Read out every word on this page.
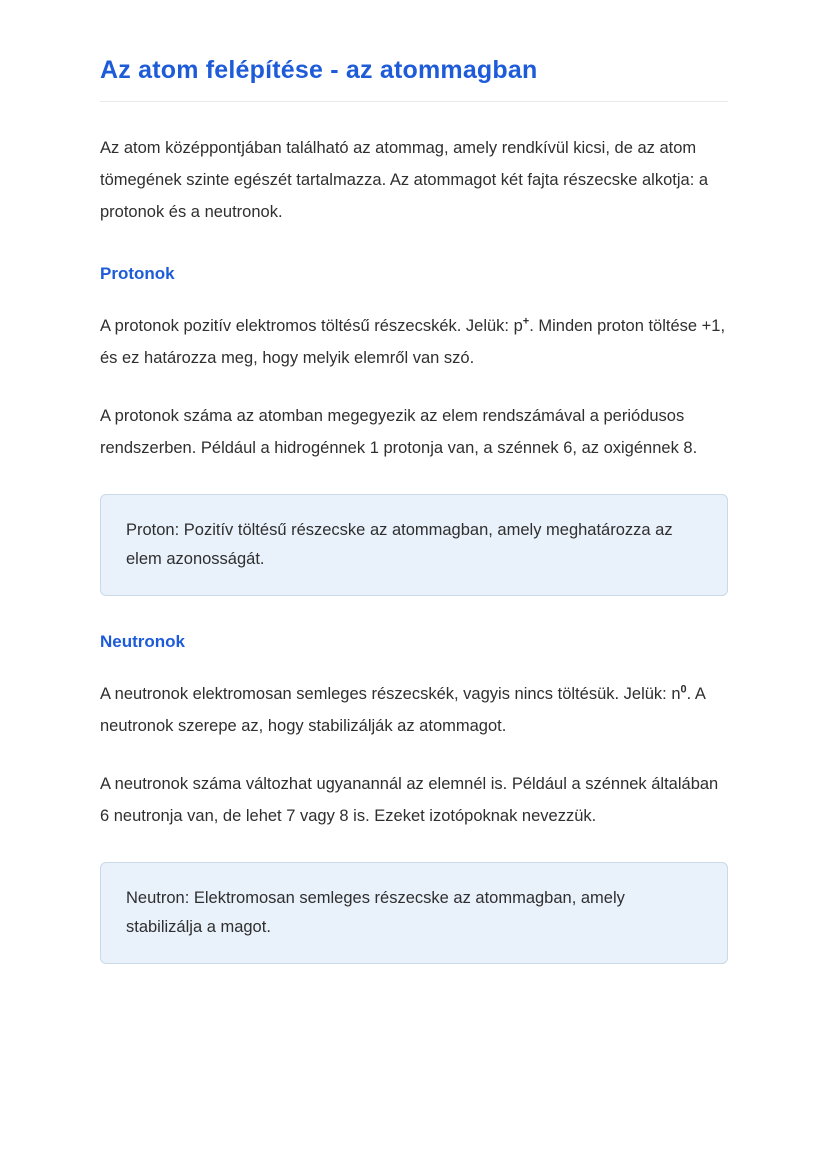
Az atom felépítése - az atommagban

Az atom középpontjában található az atommag, amely rendkívül kicsi, de az atom tömegének szinte egészét tartalmazza. Az atommagot két fajta részecske alkotja: a protonok és a neutronok.

Protonok

A protonok pozitív elektromos töltésű részecskék. Jelük: p+. Minden proton töltése +1, és ez határozza meg, hogy melyik elemről van szó.

A protonok száma az atomban megegyezik az elem rendszámával a periódusos rendszerben. Például a hidrogénnek 1 protonja van, a szénnek 6, az oxigénnek 8.

Proton: Pozitív töltésű részecske az atommagban, amely meghatározza az elem azonosságát.

Neutronok

A neutronok elektromosan semleges részecskék, vagyis nincs töltésük. Jelük: $n^0$. A neutronok szerepe az, hogy stabilizálják az atommagot.

A neutronok száma változhat ugyanannál az elemnél is. Például a szénnek általában 6 neutronja van, de lehet 7 vagy 8 is. Ezeket izotópoknak nevezzük.

Neutron: Elektromosan semleges részecske az atommagban, amely stabilizálja a magot.
